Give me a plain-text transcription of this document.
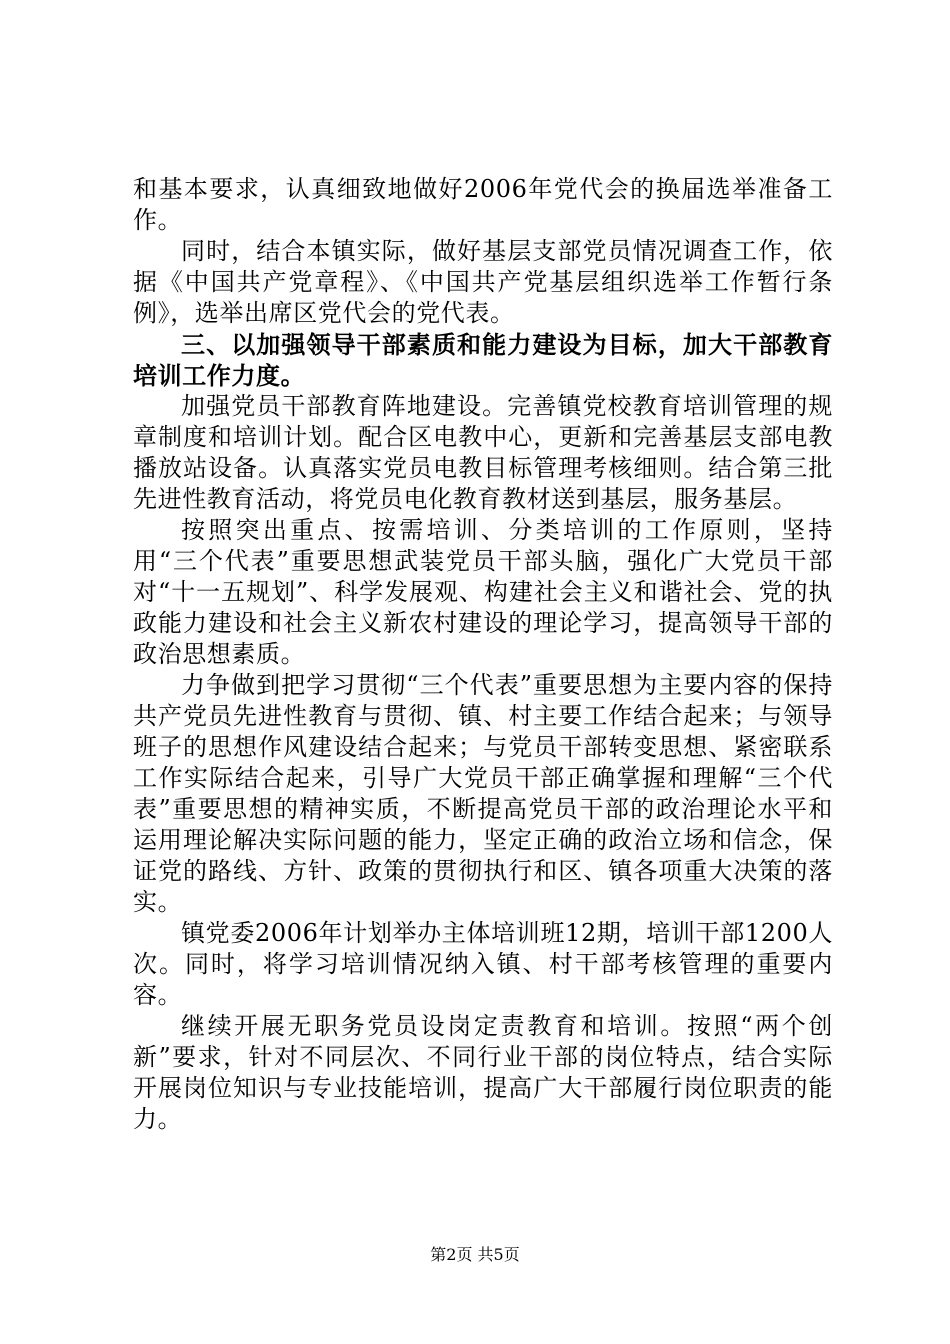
和基本要求，认真细致地做好2006年党代会的换届选举准备工作。

同时，结合本镇实际，做好基层支部党员情况调查工作，依据《中国共产党章程》、《中国共产党基层组织选举工作暂行条例》，选举出席区党代会的党代表。

三、以加强领导干部素质和能力建设为目标，加大干部教育培训工作力度。

加强党员干部教育阵地建设。完善镇党校教育培训管理的规章制度和培训计划。配合区电教中心，更新和完善基层支部电教播放站设备。认真落实党员电教目标管理考核细则。结合第三批先进性教育活动，将党员电化教育教材送到基层，服务基层。

按照突出重点、按需培训、分类培训的工作原则，坚持用“三个代表”重要思想武装党员干部头脑，强化广大党员干部对“十一五规划”、科学发展观、构建社会主义和谐社会、党的执政能力建设和社会主义新农村建设的理论学习，提高领导干部的政治思想素质。

力争做到把学习贯彻“三个代表”重要思想为主要内容的保持共产党员先进性教育与贯彻、镇、村主要工作结合起来；与领导班子的思想作风建设结合起来；与党员干部转变思想、紧密联系工作实际结合起来，引导广大党员干部正确掌握和理解“三个代表”重要思想的精神实质，不断提高党员干部的政治理论水平和运用理论解决实际问题的能力，坚定正确的政治立场和信念，保证党的路线、方针、政策的贯彻执行和区、镇各项重大决策的落实。

镇党委2006年计划举办主体培训班12期，培训干部1200人次。同时，将学习培训情况纳入镇、村干部考核管理的重要内容。

继续开展无职务党员设岗定责教育和培训。按照“两个创新”要求，针对不同层次、不同行业干部的岗位特点，结合实际开展岗位知识与专业技能培训，提高广大干部履行岗位职责的能力。

第2页 共5页
